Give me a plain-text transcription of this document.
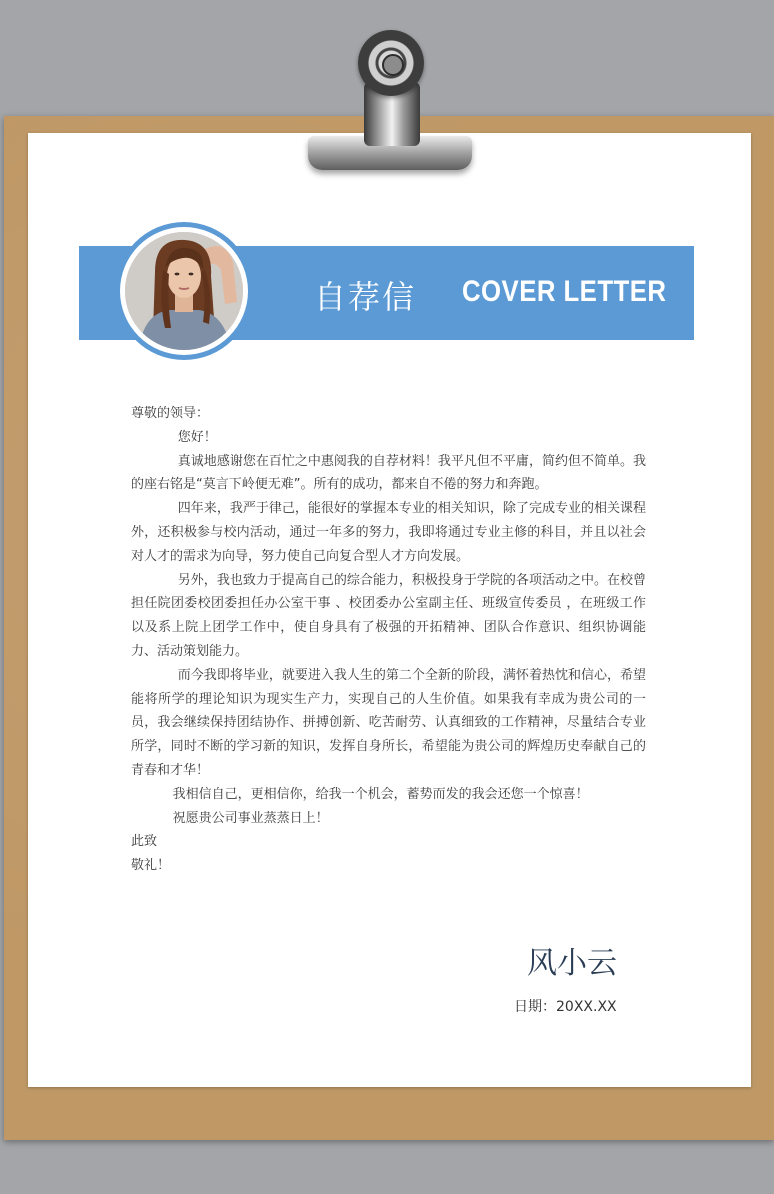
自荐信 COVER LETTER

尊敬的领导：

您好！

真诚地感谢您在百忙之中惠阅我的自荐材料！我平凡但不平庸，简约但不简单。我的座右铭是“莫言下岭便无难”。所有的成功，都来自不倦的努力和奔跑。

四年来，我严于律己，能很好的掌握本专业的相关知识，除了完成专业的相关课程外，还积极参与校内活动，通过一年多的努力，我即将通过专业主修的科目，并且以社会对人才的需求为向导，努力使自己向复合型人才方向发展。

另外，我也致力于提高自己的综合能力，积极投身于学院的各项活动之中。在校曾担任院团委校团委担任办公室干事 、校团委办公室副主任、班级宣传委员 ，在班级工作以及系上院上团学工作中，使自身具有了极强的开拓精神、团队合作意识、组织协调能力、活动策划能力。

而今我即将毕业，就要进入我人生的第二个全新的阶段，满怀着热忱和信心，希望能将所学的理论知识为现实生产力，实现自己的人生价值。如果我有幸成为贵公司的一员，我会继续保持团结协作、拼搏创新、吃苦耐劳、认真细致的工作精神，尽量结合专业所学，同时不断的学习新的知识，发挥自身所长，希望能为贵公司的辉煌历史奉献自己的青春和才华！

我相信自己，更相信你，给我一个机会，蓄势而发的我会还您一个惊喜！

祝愿贵公司事业蒸蒸日上！

此致

敬礼！

风小云
日期：20XX.XX
